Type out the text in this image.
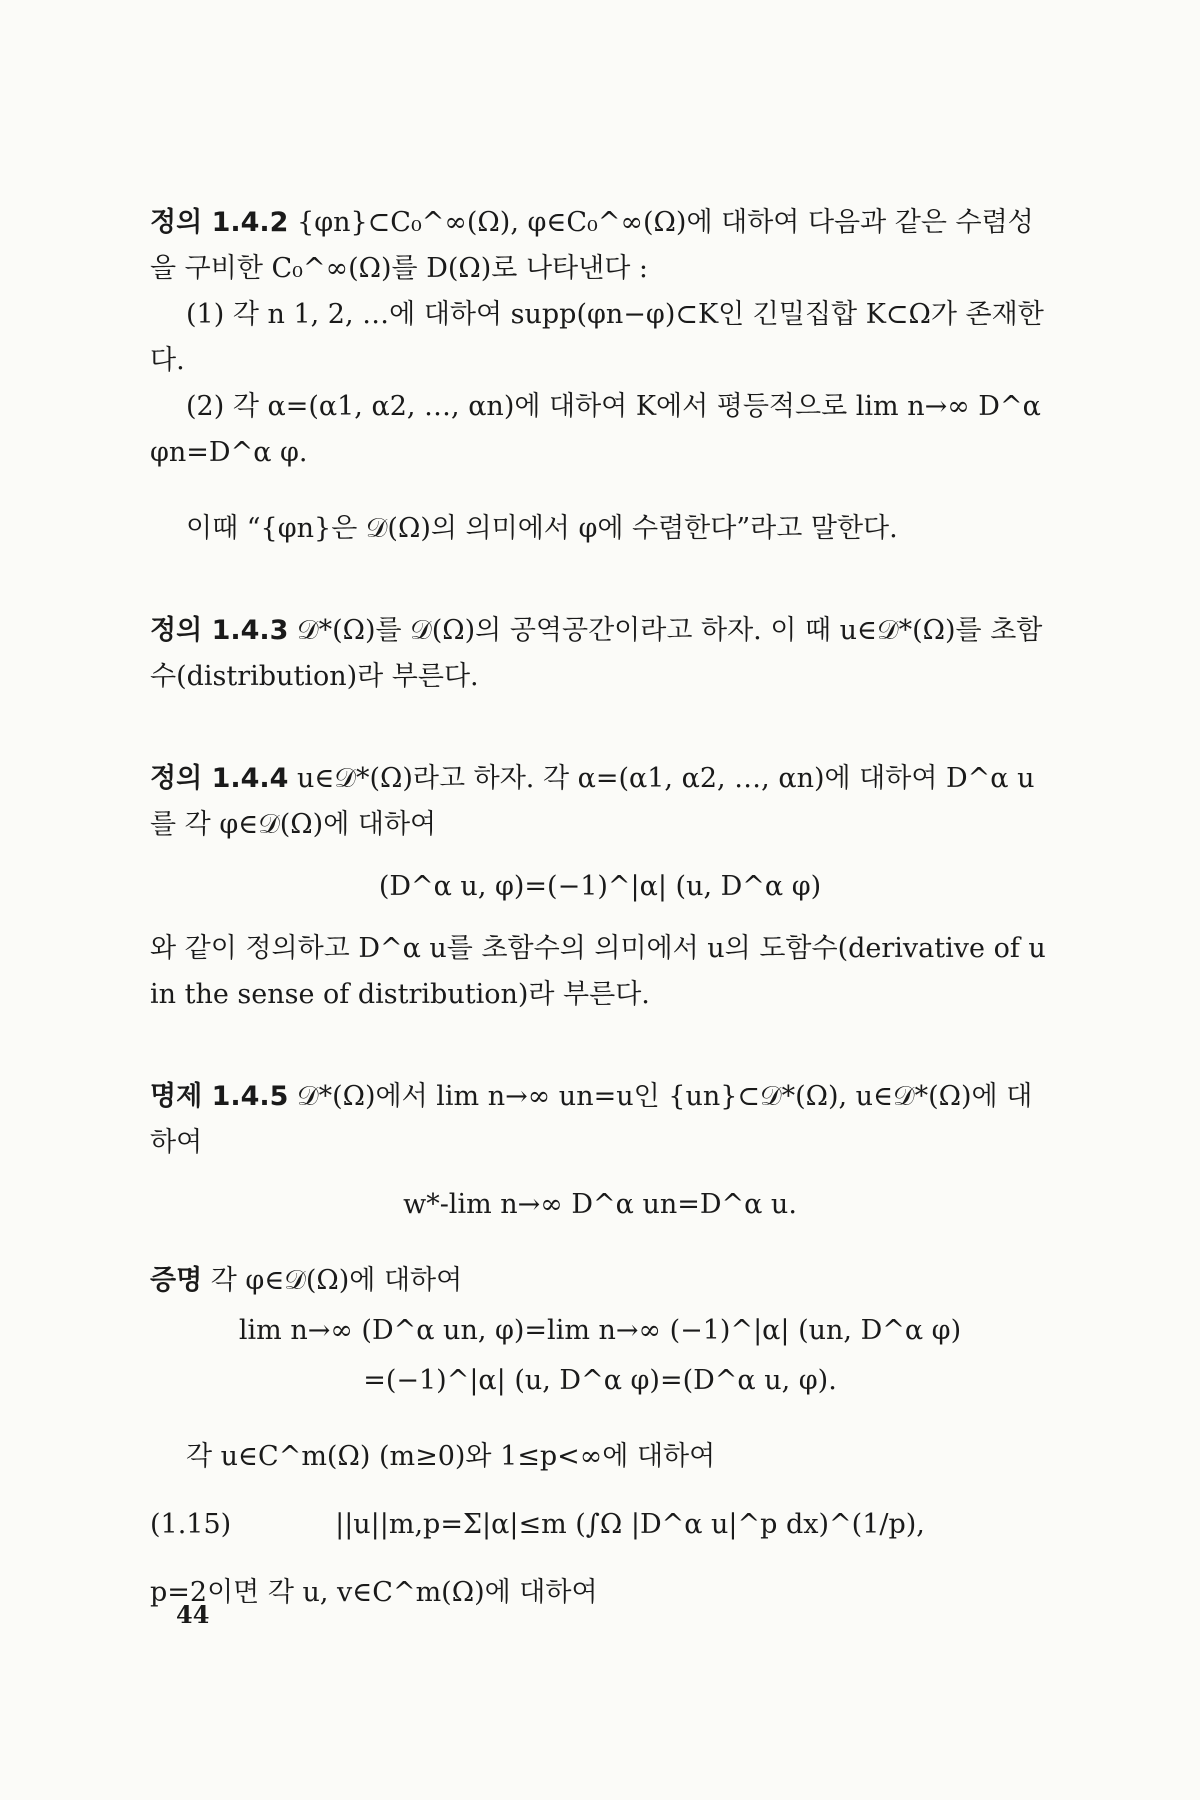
정의 1.4.2 {φn}⊂C₀^∞(Ω), φ∈C₀^∞(Ω)에 대하여 다음과 같은 수렴성을 구비한 C₀^∞(Ω)를 D(Ω)로 나타낸다 :

(1) 각 n 1, 2, …에 대하여 supp(φn−φ)⊂K인 긴밀집합 K⊂Ω가 존재한다.

(2) 각 α=(α1, α2, …, αn)에 대하여 K에서 평등적으로 lim n→∞ D^α φn=D^α φ.

이때 “{φn}은 𝒟(Ω)의 의미에서 φ에 수렴한다”라고 말한다.

정의 1.4.3 𝒟*(Ω)를 𝒟(Ω)의 공역공간이라고 하자. 이 때 u∈𝒟*(Ω)를 초함수(distribution)라 부른다.

정의 1.4.4 u∈𝒟*(Ω)라고 하자. 각 α=(α1, α2, …, αn)에 대하여 D^α u를 각 φ∈𝒟(Ω)에 대하여

(D^α u, φ)=(−1)^|α| (u, D^α φ)

와 같이 정의하고 D^α u를 초함수의 의미에서 u의 도함수(derivative of u in the sense of distribution)라 부른다.

명제 1.4.5 𝒟*(Ω)에서 lim n→∞ un=u인 {un}⊂𝒟*(Ω), u∈𝒟*(Ω)에 대하여

w*-lim n→∞ D^α un=D^α u.

증명 각 φ∈𝒟(Ω)에 대하여

lim n→∞ (D^α un, φ)=lim n→∞ (−1)^|α| (un, D^α φ)
=(−1)^|α| (u, D^α φ)=(D^α u, φ).

각 u∈C^m(Ω) (m≥0)와 1≤p<∞에 대하여

(1.15)	||u||m,p=Σ|α|≤m (∫Ω |D^α u|^p dx)^(1/p),

p=2이면 각 u, v∈C^m(Ω)에 대하여

44
